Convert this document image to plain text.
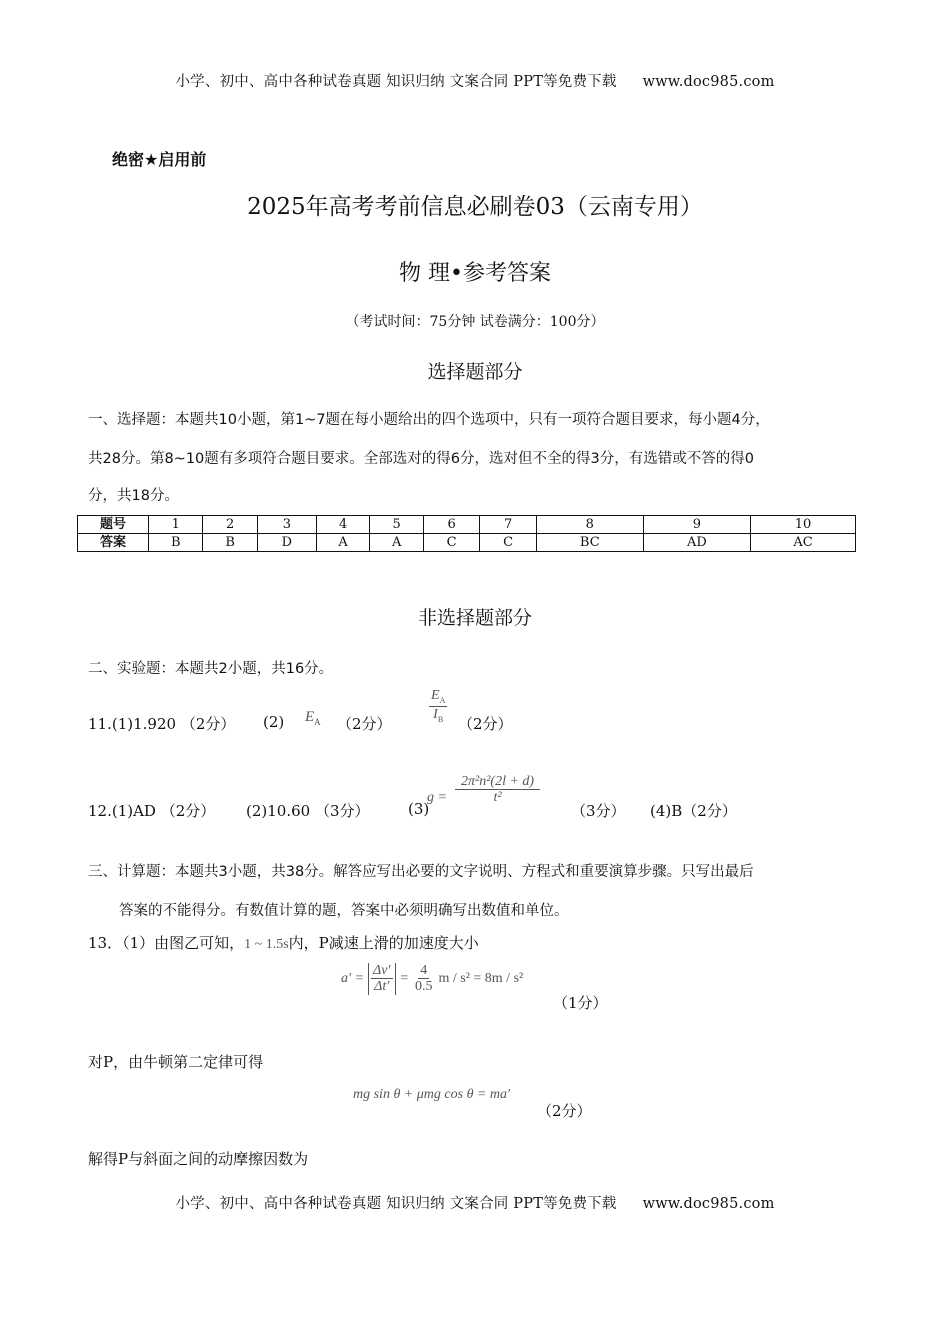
小学、初中、高中各种试卷真题 知识归纳 文案合同 PPT等免费下载 www.doc985.com
绝密★启用前
2025年高考考前信息必刷卷03（云南专用）
物 理•参考答案
（考试时间：75分钟 试卷满分：100分）
选择题部分
一、选择题：本题共10小题，第1~7题在每小题给出的四个选项中，只有一项符合题目要求，每小题4分，
共28分。第8~10题有多项符合题目要求。全部选对的得6分，选对但不全的得3分，有选错或不答的得0
分，共18分。
题号	1	2	3	4	5	6	7	8	9	10
答案	B	B	D	A	A	C	C	BC	AD	AC
非选择题部分
二、实验题：本题共2小题，共16分。
11.(1)1.920 （2分） (2) $E_A$ （2分）	$\frac{E_A}{I_B} (2$分）
12.(1)AD （2分） (2)10.60 （3分）	(3)
$g = \frac{\text{2π²n²(2l + d)}}{\text{t²}}$
（3分） (4)B（2分）
三、计算题：本题共3小题，共38分。解答应写出必要的文字说明、方程式和重要演算步骤。只写出最后
答案的不能得分。有数值计算的题，答案中必须明确写出数值和单位。
13．（1）由图乙可知，1 ~ 1.5s内，P减速上滑的加速度大小
$a' = \frac{\Delta v'}{\Delta t'} = \frac{4}{0.5}$ m / s² = 8m / s²
（1分）
对P，由牛顿第二定律可得
mg sin θ + μmg cos θ = ma′
（2分）
解得P与斜面之间的动摩擦因数为
小学、初中、高中各种试卷真题 知识归纳 文案合同 PPT等免费下载 www.doc985.com
